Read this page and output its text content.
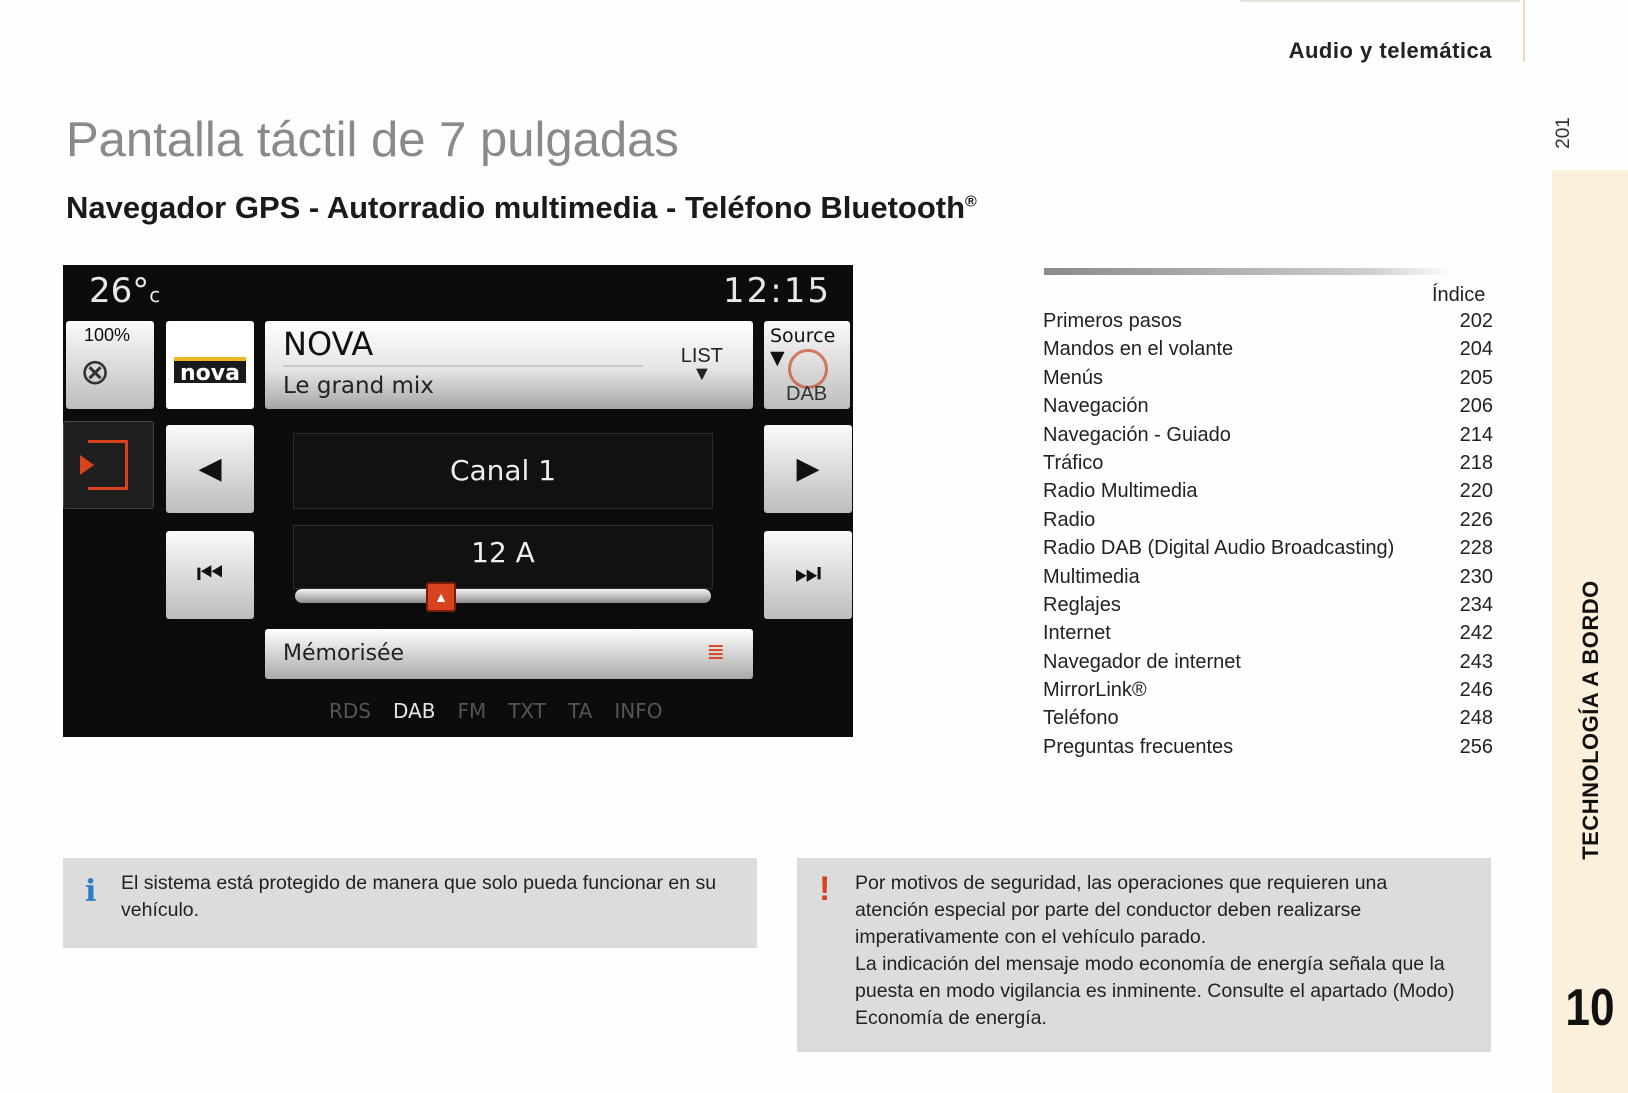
Audio y telemática
201
TECHNOLOGÍA A BORDO
10
Pantalla táctil de 7 pulgadas
Navegador GPS - Autorradio multimedia - Teléfono Bluetooth®
26°c	12:15
100%
⊗	nova
NOVA
Le grand mix
LIST
▼
Source ▼
DAB
◀	▶
⏮	⏭
Canal 1
12 A
▲
Mémorisée	≣
RDS DAB FM TXT TA INFO
Índice
Primeros pasos	202
Mandos en el volante	204
Menús	205
Navegación	206
Navegación - Guiado	214
Tráfico	218
Radio Multimedia	220
Radio	226
Radio DAB (Digital Audio Broadcasting)	228
Multimedia	230
Reglajes	234
Internet	242
Navegador de internet	243
MirrorLink®	246
Teléfono	248
Preguntas frecuentes	256
i El sistema está protegido de manera que solo pueda funcionar en su vehículo.
! Por motivos de seguridad, las operaciones que requieren una atención especial por parte del conductor deben realizarse imperativamente con el vehículo parado.
La indicación del mensaje modo economía de energía señala que la puesta en modo vigilancia es inminente. Consulte el apartado (Modo) Economía de energía.
